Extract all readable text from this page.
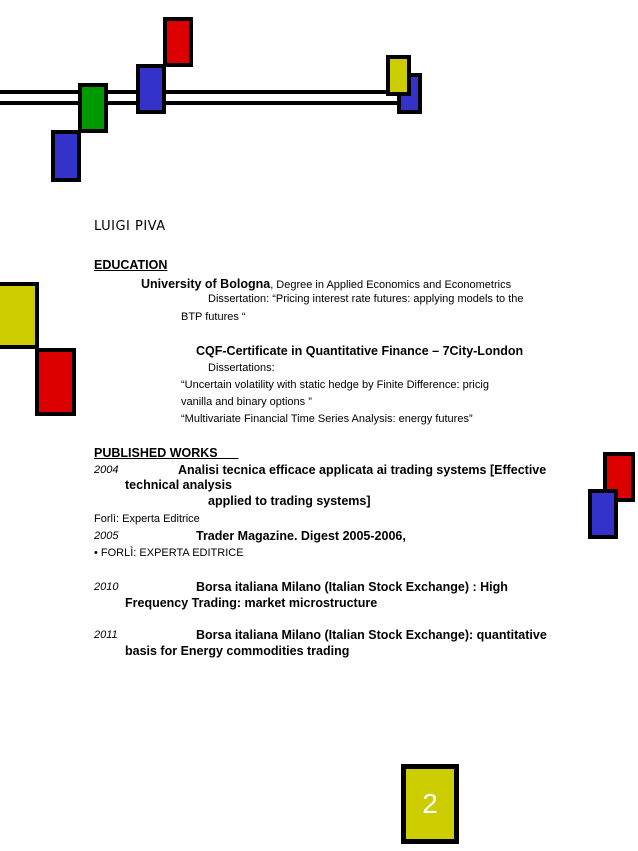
LUIGI PIVA
EDUCATION
University of Bologna, Degree in Applied Economics and Econometrics
Dissertation: “Pricing interest rate futures: applying models to the
BTP futures “
CQF-Certificate in Quantitative Finance – 7City-London
Dissertations:
“Uncertain volatility with static hedge by Finite Difference: pricig
vanilla and binary options ”
“Multivariate Financial Time Series Analysis: energy futures”
PUBLISHED WORKS
2004	Analisi tecnica efficace applicata ai trading systems [Effective
technical analysis
applied to trading systems]
Forlì: Experta Editrice
2005	Trader Magazine. Digest 2005-2006,
• FORLÌ: EXPERTA EDITRICE
2010	Borsa italiana Milano (Italian Stock Exchange) : High
Frequency Trading: market microstructure
2011	Borsa italiana Milano (Italian Stock Exchange): quantitative
basis for Energy commodities trading
2
